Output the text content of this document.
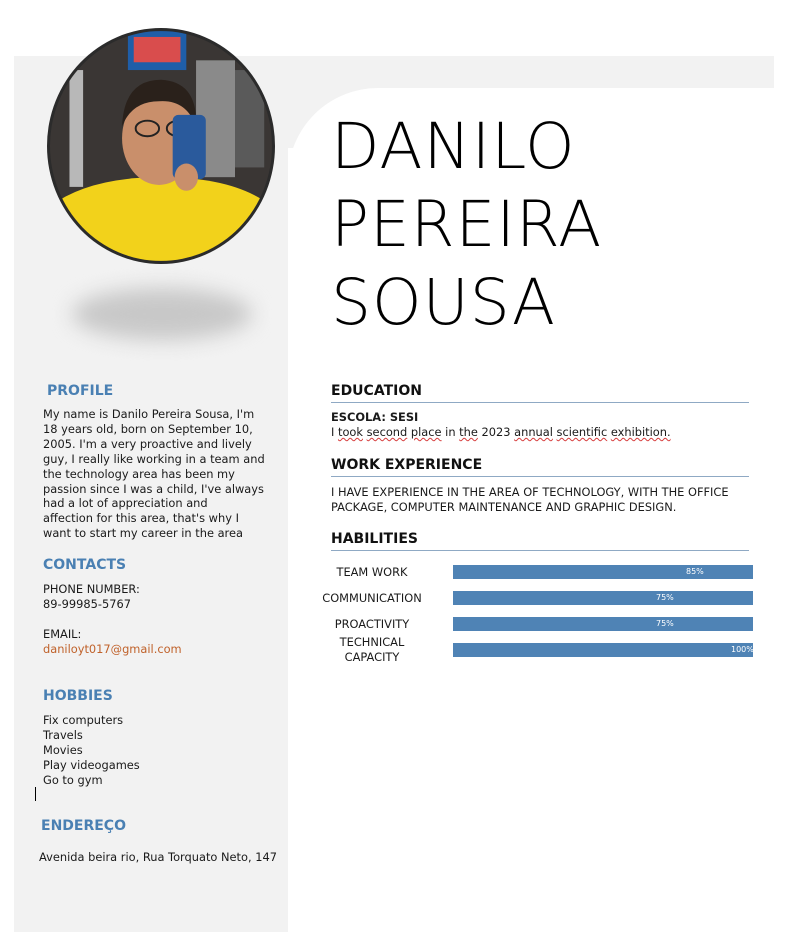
DANILO
PEREIRA
SOUSA
PROFILE
My name is Danilo Pereira Sousa, I'm
18 years old, born on September 10,
2005. I'm a very proactive and lively
guy, I really like working in a team and
the technology area has been my
passion since I was a child, I've always
had a lot of appreciation and
affection for this area, that's why I
want to start my career in the area
CONTACTS
PHONE NUMBER:
89-99985-5767
EMAIL:
daniloyt017@gmail.com
HOBBIES
Fix computers
Travels
Movies
Play videogames
Go to gym
ENDEREÇO
Avenida beira rio, Rua Torquato Neto, 147
EDUCATION
ESCOLA: SESI
I took second place in the 2023 annual scientific exhibition.
WORK EXPERIENCE
I HAVE EXPERIENCE IN THE AREA OF TECHNOLOGY, WITH THE OFFICE
PACKAGE, COMPUTER MAINTENANCE AND GRAPHIC DESIGN.
HABILITIES
TEAM WORK	85%
COMMUNICATION	75%
PROACTIVITY	75%
TECHNICAL CAPACITY	100%
